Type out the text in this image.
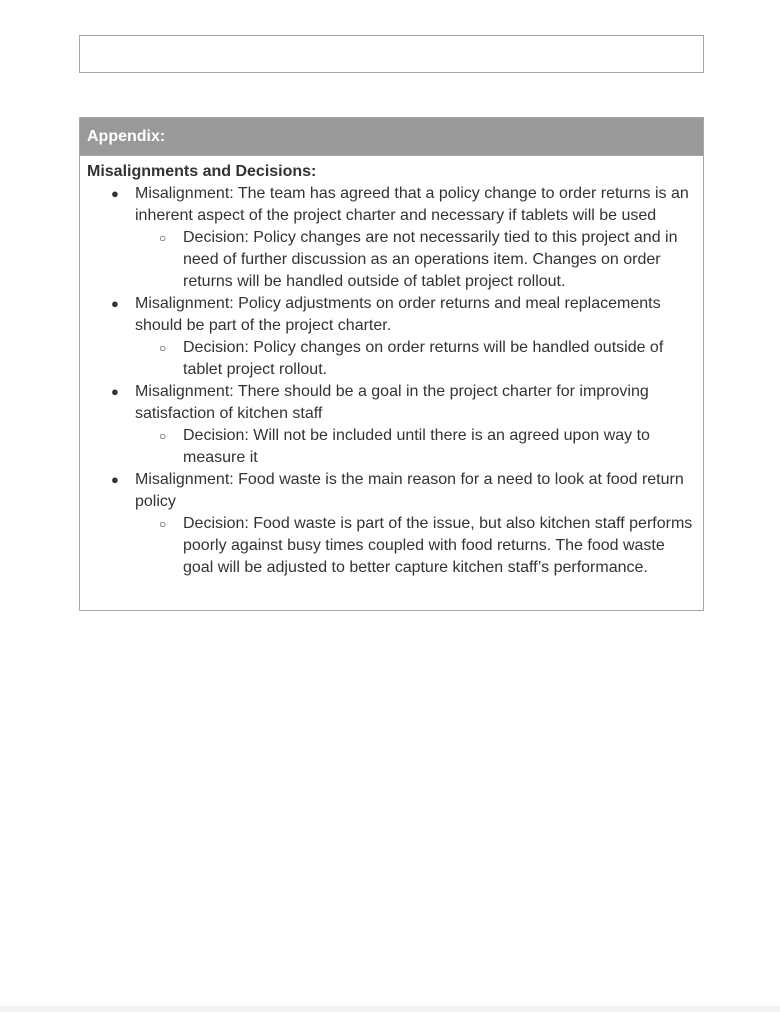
Appendix:

Misalignments and Decisions:

● Misalignment: The team has agreed that a policy change to order returns is an inherent aspect of the project charter and necessary if tablets will be used
○ Decision: Policy changes are not necessarily tied to this project and in need of further discussion as an operations item. Changes on order returns will be handled outside of tablet project rollout.
● Misalignment: Policy adjustments on order returns and meal replacements should be part of the project charter.
○ Decision: Policy changes on order returns will be handled outside of tablet project rollout.
● Misalignment: There should be a goal in the project charter for improving satisfaction of kitchen staff
○ Decision: Will not be included until there is an agreed upon way to measure it
● Misalignment: Food waste is the main reason for a need to look at food return policy
○ Decision: Food waste is part of the issue, but also kitchen staff performs poorly against busy times coupled with food returns. The food waste goal will be adjusted to better capture kitchen staff’s performance.
